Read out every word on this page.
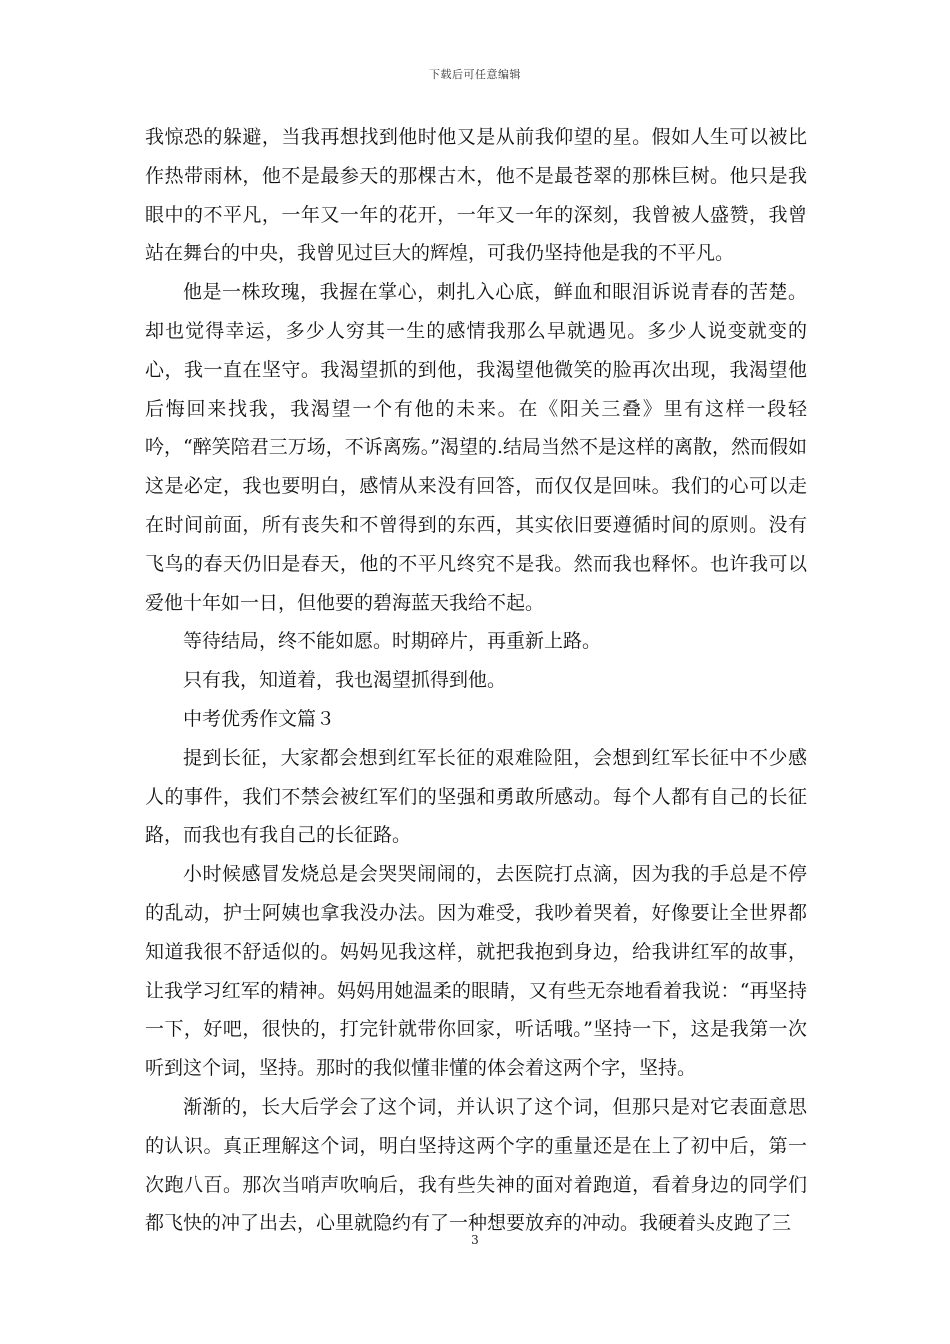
下载后可任意编辑

我惊恐的躲避，当我再想找到他时他又是从前我仰望的星。假如人生可以被比作热带雨林，他不是最参天的那棵古木，他不是最苍翠的那株巨树。他只是我眼中的不平凡，一年又一年的花开，一年又一年的深刻，我曾被人盛赞，我曾站在舞台的中央，我曾见过巨大的辉煌，可我仍坚持他是我的不平凡。

他是一株玫瑰，我握在掌心，刺扎入心底，鲜血和眼泪诉说青春的苦楚。却也觉得幸运，多少人穷其一生的感情我那么早就遇见。多少人说变就变的心，我一直在坚守。我渴望抓的到他，我渴望他微笑的脸再次出现，我渴望他后悔回来找我，我渴望一个有他的未来。在《阳关三叠》里有这样一段轻吟，“醉笑陪君三万场，不诉离殇。”渴望的.结局当然不是这样的离散，然而假如这是必定，我也要明白，感情从来没有回答，而仅仅是回味。我们的心可以走在时间前面，所有丧失和不曾得到的东西，其实依旧要遵循时间的原则。没有飞鸟的春天仍旧是春天，他的不平凡终究不是我。然而我也释怀。也许我可以爱他十年如一日，但他要的碧海蓝天我给不起。

等待结局，终不能如愿。时期碎片，再重新上路。

只有我，知道着，我也渴望抓得到他。

中考优秀作文篇３

提到长征，大家都会想到红军长征的艰难险阻，会想到红军长征中不少感人的事件，我们不禁会被红军们的坚强和勇敢所感动。每个人都有自己的长征路，而我也有我自己的长征路。

小时候感冒发烧总是会哭哭闹闹的，去医院打点滴，因为我的手总是不停的乱动，护士阿姨也拿我没办法。因为难受，我吵着哭着，好像要让全世界都知道我很不舒适似的。妈妈见我这样，就把我抱到身边，给我讲红军的故事，让我学习红军的精神。妈妈用她温柔的眼睛，又有些无奈地看着我说：“再坚持一下，好吧，很快的，打完针就带你回家，听话哦。”坚持一下，这是我第一次听到这个词，坚持。那时的我似懂非懂的体会着这两个字，坚持。

渐渐的，长大后学会了这个词，并认识了这个词，但那只是对它表面意思的认识。真正理解这个词，明白坚持这两个字的重量还是在上了初中后，第一次跑八百。那次当哨声吹响后，我有些失神的面对着跑道，看着身边的同学们都飞快的冲了出去，心里就隐约有了一种想要放弃的冲动。我硬着头皮跑了三

3
